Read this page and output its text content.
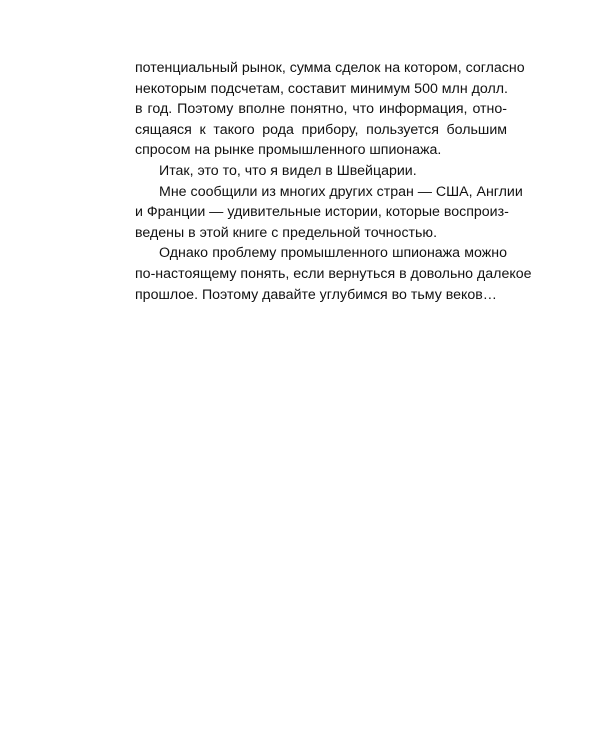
потенциальный рынок, сумма сделок на котором, согласно
некоторым подсчетам, составит минимум 500 млн долл.
в год. Поэтому вполне понятно, что информация, отно-
сящаяся к такого рода прибору, пользуется большим
спросом на рынке промышленного шпионажа.
Итак, это то, что я видел в Швейцарии.
Мне сообщили из многих других стран — США, Англии
и Франции — удивительные истории, которые воспроиз-
ведены в этой книге с предельной точностью.
Однако проблему промышленного шпионажа можно
по-настоящему понять, если вернуться в довольно далекое
прошлое. Поэтому давайте углубимся во тьму веков…
